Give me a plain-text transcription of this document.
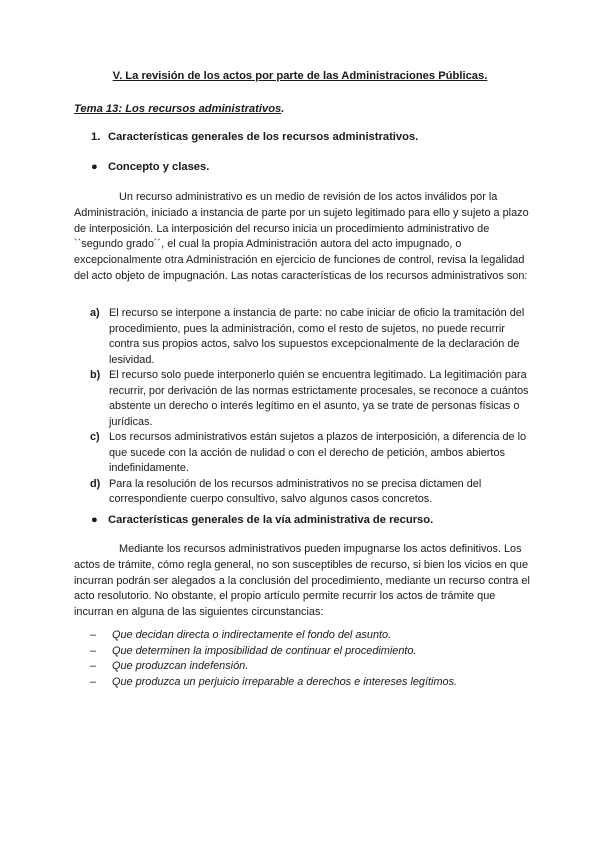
V. La revisión de los actos por parte de las Administraciones Públicas.
Tema 13: Los recursos administrativos.
1. Características generales de los recursos administrativos.
● Concepto y clases.

Un recurso administrativo es un medio de revisión de los actos inválidos por la Administración, iniciado a instancia de parte por un sujeto legitimado para ello y sujeto a plazo de interposición. La interposición del recurso inicia un procedimiento administrativo de ``segundo grado´´, el cual la propia Administración autora del acto impugnado, o excepcionalmente otra Administración en ejercicio de funciones de control, revisa la legalidad del acto objeto de impugnación. Las notas características de los recursos administrativos son:

a) El recurso se interpone a instancia de parte: no cabe iniciar de oficio la tramitación del procedimiento, pues la administración, como el resto de sujetos, no puede recurrir contra sus propios actos, salvo los supuestos excepcionalmente de la declaración de lesividad.
b) El recurso solo puede interponerlo quién se encuentra legitimado. La legitimación para recurrir, por derivación de las normas estrictamente procesales, se reconoce a cuántos abstente un derecho o interés legítimo en el asunto, ya se trate de personas físicas o jurídicas.
c) Los recursos administrativos están sujetos a plazos de interposición, a diferencia de lo que sucede con la acción de nulidad o con el derecho de petición, ambos abiertos indefinidamente.
d) Para la resolución de los recursos administrativos no se precisa dictamen del correspondiente cuerpo consultivo, salvo algunos casos concretos.
● Características generales de la vía administrativa de recurso.

Mediante los recursos administrativos pueden impugnarse los actos definitivos. Los actos de trámite, cómo regla general, no son susceptibles de recurso, si bien los vicios en que incurran podrán ser alegados a la conclusión del procedimiento, mediante un recurso contra el acto resolutorio. No obstante, el propio artículo permite recurrir los actos de trámite que incurran en alguna de las siguientes circunstancias:

– Que decidan directa o indirectamente el fondo del asunto.
– Que determinen la imposibilidad de continuar el procedimiento.
– Que produzcan indefensión.
– Que produzca un perjuicio irreparable a derechos e intereses legítimos.
